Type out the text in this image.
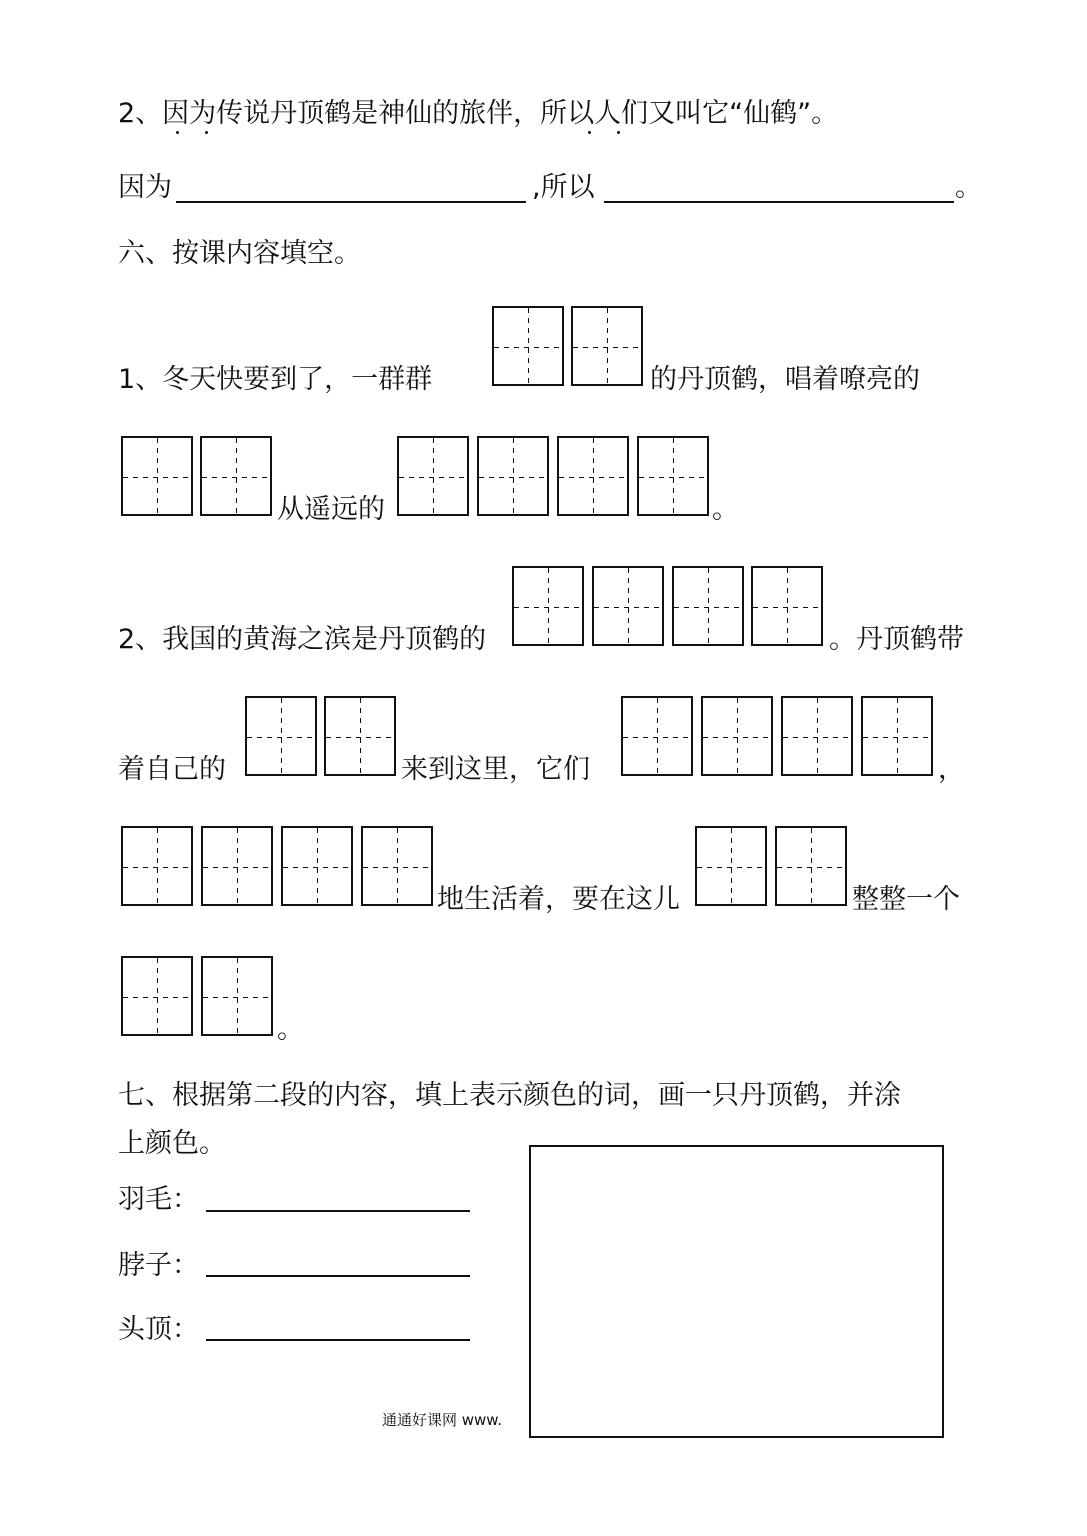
2、因为传说丹顶鹤是神仙的旅伴，所以人们又叫它“仙鹤”。
因为	,所以	。
六、按课内容填空。
1、冬天快要到了，一群群	的丹顶鹤，唱着嘹亮的
从遥远的	。
2、我国的黄海之滨是丹顶鹤的	。丹顶鹤带
着自己的	来到这里，它们	，
地生活着，要在这儿	整整一个
。
七、根据第二段的内容，填上表示颜色的词，画一只丹顶鹤，并涂
上颜色。
羽毛：
脖子：
头顶：
通通好课网 www.
